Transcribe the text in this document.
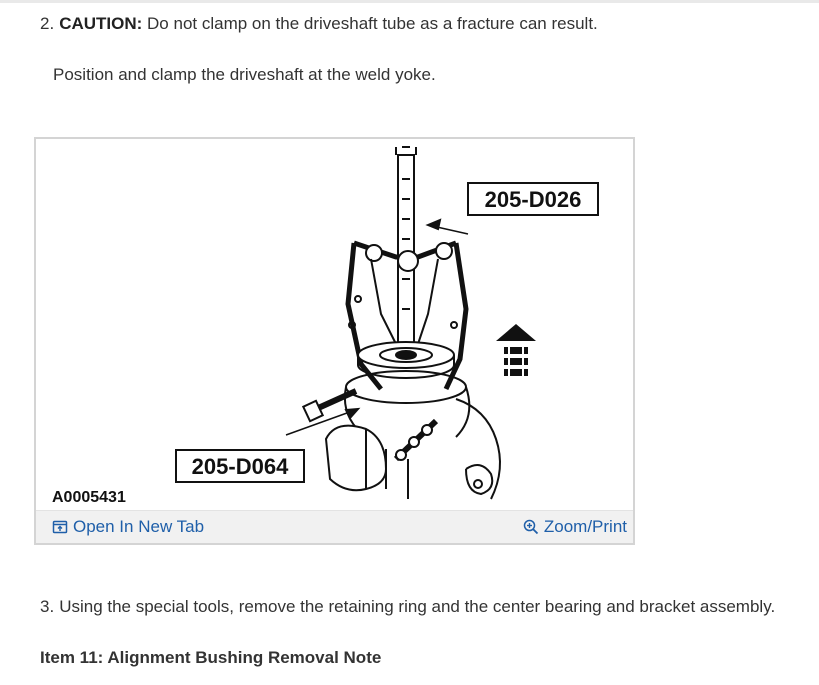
2. CAUTION: Do not clamp on the driveshaft tube as a fracture can result.
Position and clamp the driveshaft at the weld yoke.
205-D026
205-D064
A0005431
Open In New Tab	Zoom/Print
3. Using the special tools, remove the retaining ring and the center bearing and bracket assembly.
Item 11: Alignment Bushing Removal Note
